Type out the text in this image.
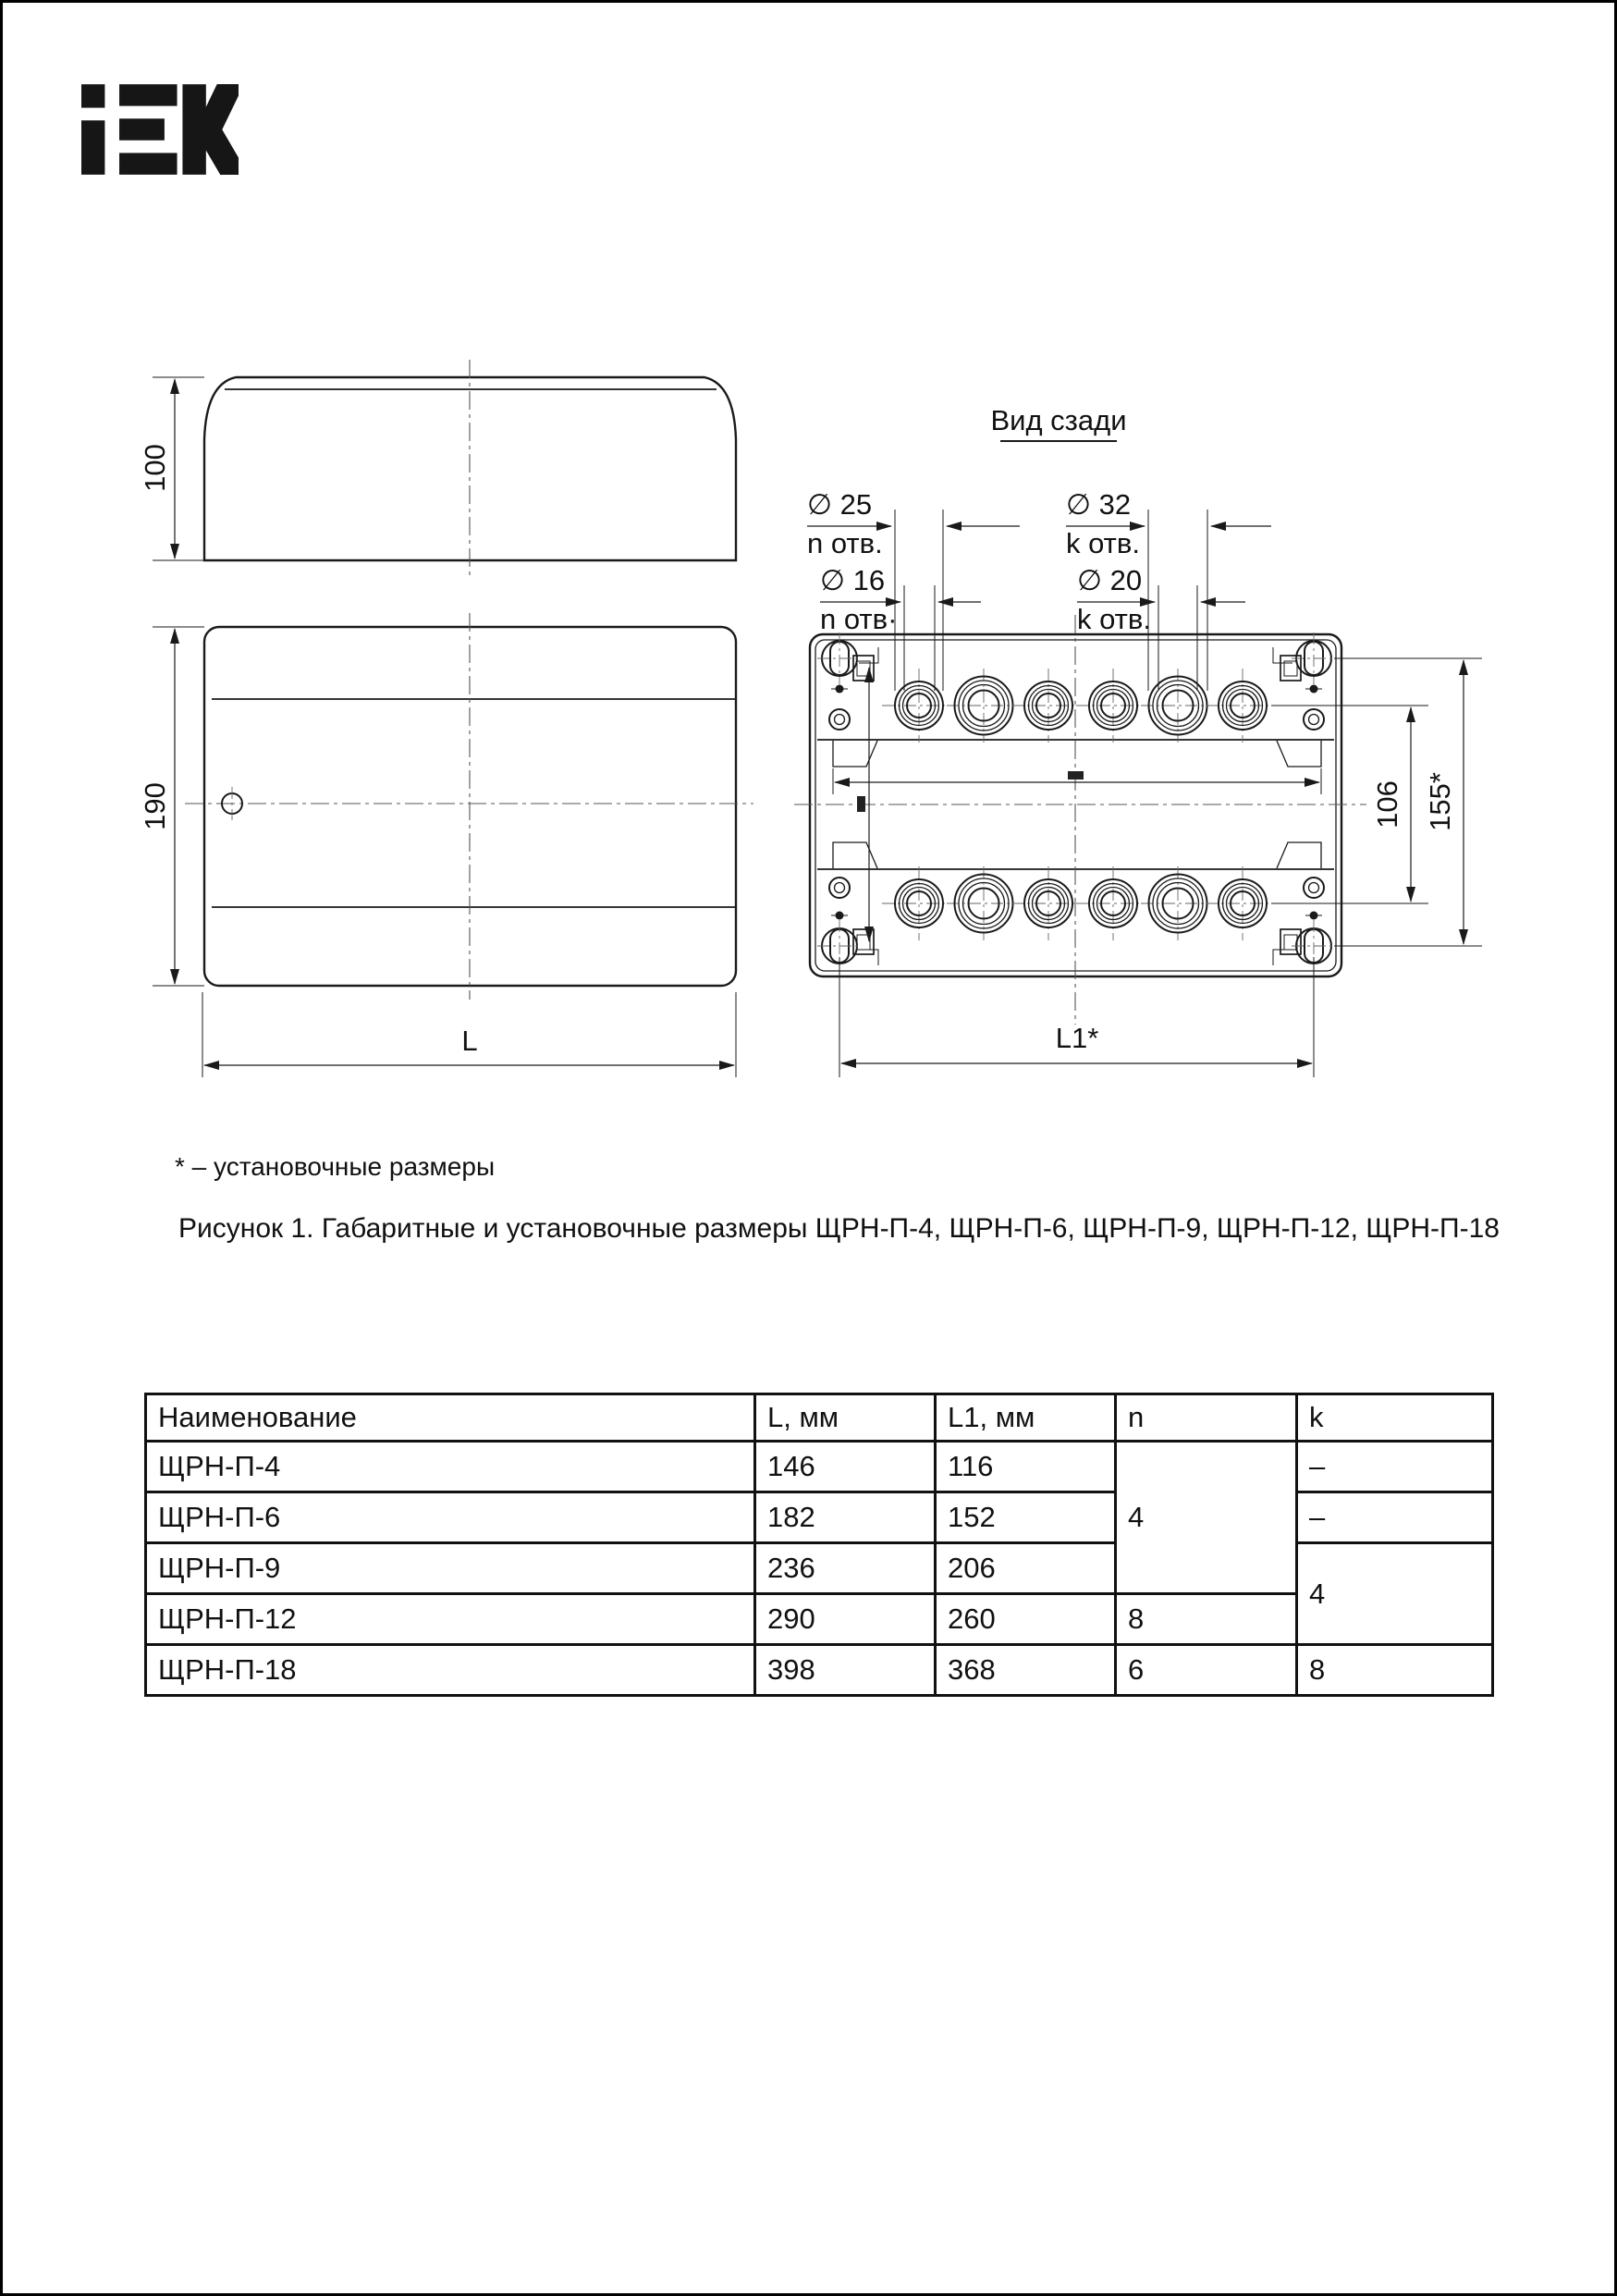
100
190
L
Вид сзади
∅ 25
n отв.
∅ 16
n отв·
∅ 32
k отв.
∅ 20
k отв.
106 155*
L1*
* – установочные размеры
Рисунок 1. Габаритные и установочные размеры ЩРН-П-4, ЩРН-П-6, ЩРН-П-9, ЩРН-П-12, ЩРН-П-18
Наименование	L, мм	L1, мм	n	k
ЩРН-П-4	146	116	4	–
ЩРН-П-6	182	152		–
ЩРН-П-9	236	206		4
ЩРН-П-12	290	260	8	
ЩРН-П-18	398	368	6	8
